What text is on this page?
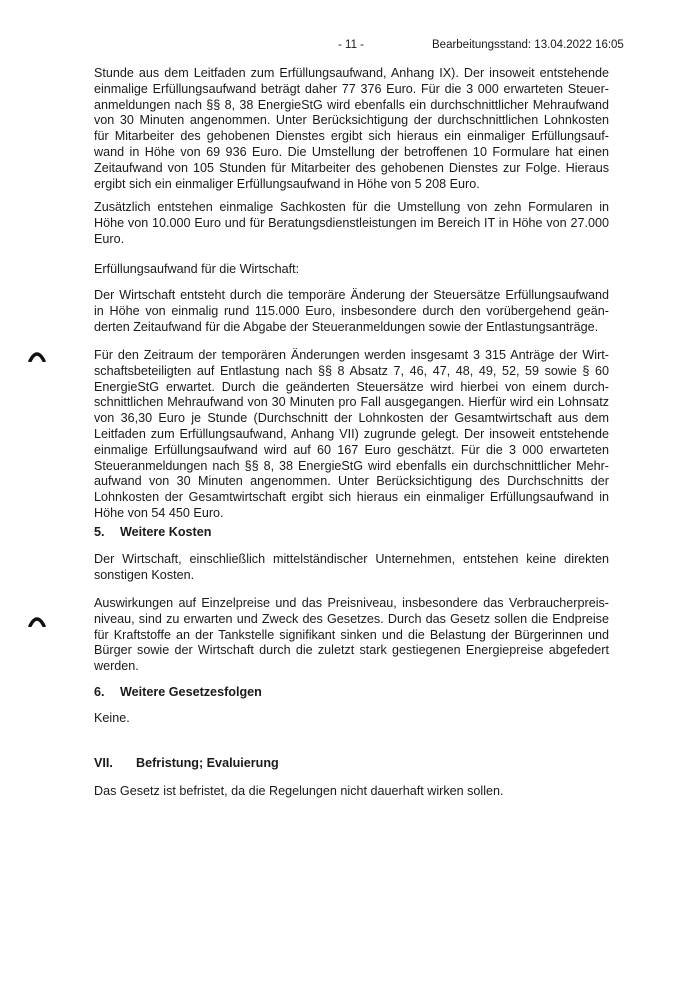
- 11 -	Bearbeitungsstand: 13.04.2022 16:05
Stunde aus dem Leitfaden zum Erfüllungsaufwand, Anhang IX). Der insoweit entstehende
einmalige Erfüllungsaufwand beträgt daher 77 376 Euro. Für die 3 000 erwarteten Steuer-
anmeldungen nach §§ 8, 38 EnergieStG wird ebenfalls ein durchschnittlicher Mehraufwand
von 30 Minuten angenommen. Unter Berücksichtigung der durchschnittlichen Lohnkosten
für Mitarbeiter des gehobenen Dienstes ergibt sich hieraus ein einmaliger Erfüllungsauf-
wand in Höhe von 69 936 Euro. Die Umstellung der betroffenen 10 Formulare hat einen
Zeitaufwand von 105 Stunden für Mitarbeiter des gehobenen Dienstes zur Folge. Hieraus
ergibt sich ein einmaliger Erfüllungsaufwand in Höhe von 5 208 Euro.
Zusätzlich entstehen einmalige Sachkosten für die Umstellung von zehn Formularen in
Höhe von 10.000 Euro und für Beratungsdienstleistungen im Bereich IT in Höhe von 27.000
Euro.
Erfüllungsaufwand für die Wirtschaft:
Der Wirtschaft entsteht durch die temporäre Änderung der Steuersätze Erfüllungsaufwand
in Höhe von einmalig rund 115.000 Euro, insbesondere durch den vorübergehend geän-
derten Zeitaufwand für die Abgabe der Steueranmeldungen sowie der Entlastungsanträge.
Für den Zeitraum der temporären Änderungen werden insgesamt 3 315 Anträge der Wirt-
schaftsbeteiligten auf Entlastung nach §§ 8 Absatz 7, 46, 47, 48, 49, 52, 59 sowie § 60
EnergieStG erwartet. Durch die geänderten Steuersätze wird hierbei von einem durch-
schnittlichen Mehraufwand von 30 Minuten pro Fall ausgegangen. Hierfür wird ein Lohnsatz
von 36,30 Euro je Stunde (Durchschnitt der Lohnkosten der Gesamtwirtschaft aus dem
Leitfaden zum Erfüllungsaufwand, Anhang VII) zugrunde gelegt. Der insoweit entstehende
einmalige Erfüllungsaufwand wird auf 60 167 Euro geschätzt. Für die 3 000 erwarteten
Steueranmeldungen nach §§ 8, 38 EnergieStG wird ebenfalls ein durchschnittlicher Mehr-
aufwand von 30 Minuten angenommen. Unter Berücksichtigung des Durchschnitts der
Lohnkosten der Gesamtwirtschaft ergibt sich hieraus ein einmaliger Erfüllungsaufwand in
Höhe von 54 450 Euro.
5. Weitere Kosten
Der Wirtschaft, einschließlich mittelständischer Unternehmen, entstehen keine direkten
sonstigen Kosten.
Auswirkungen auf Einzelpreise und das Preisniveau, insbesondere das Verbraucherpreis-
niveau, sind zu erwarten und Zweck des Gesetzes. Durch das Gesetz sollen die Endpreise
für Kraftstoffe an der Tankstelle signifikant sinken und die Belastung der Bürgerinnen und
Bürger sowie der Wirtschaft durch die zuletzt stark gestiegenen Energiepreise abgefedert
werden.
6. Weitere Gesetzesfolgen
Keine.
VII. Befristung; Evaluierung
Das Gesetz ist befristet, da die Regelungen nicht dauerhaft wirken sollen.
